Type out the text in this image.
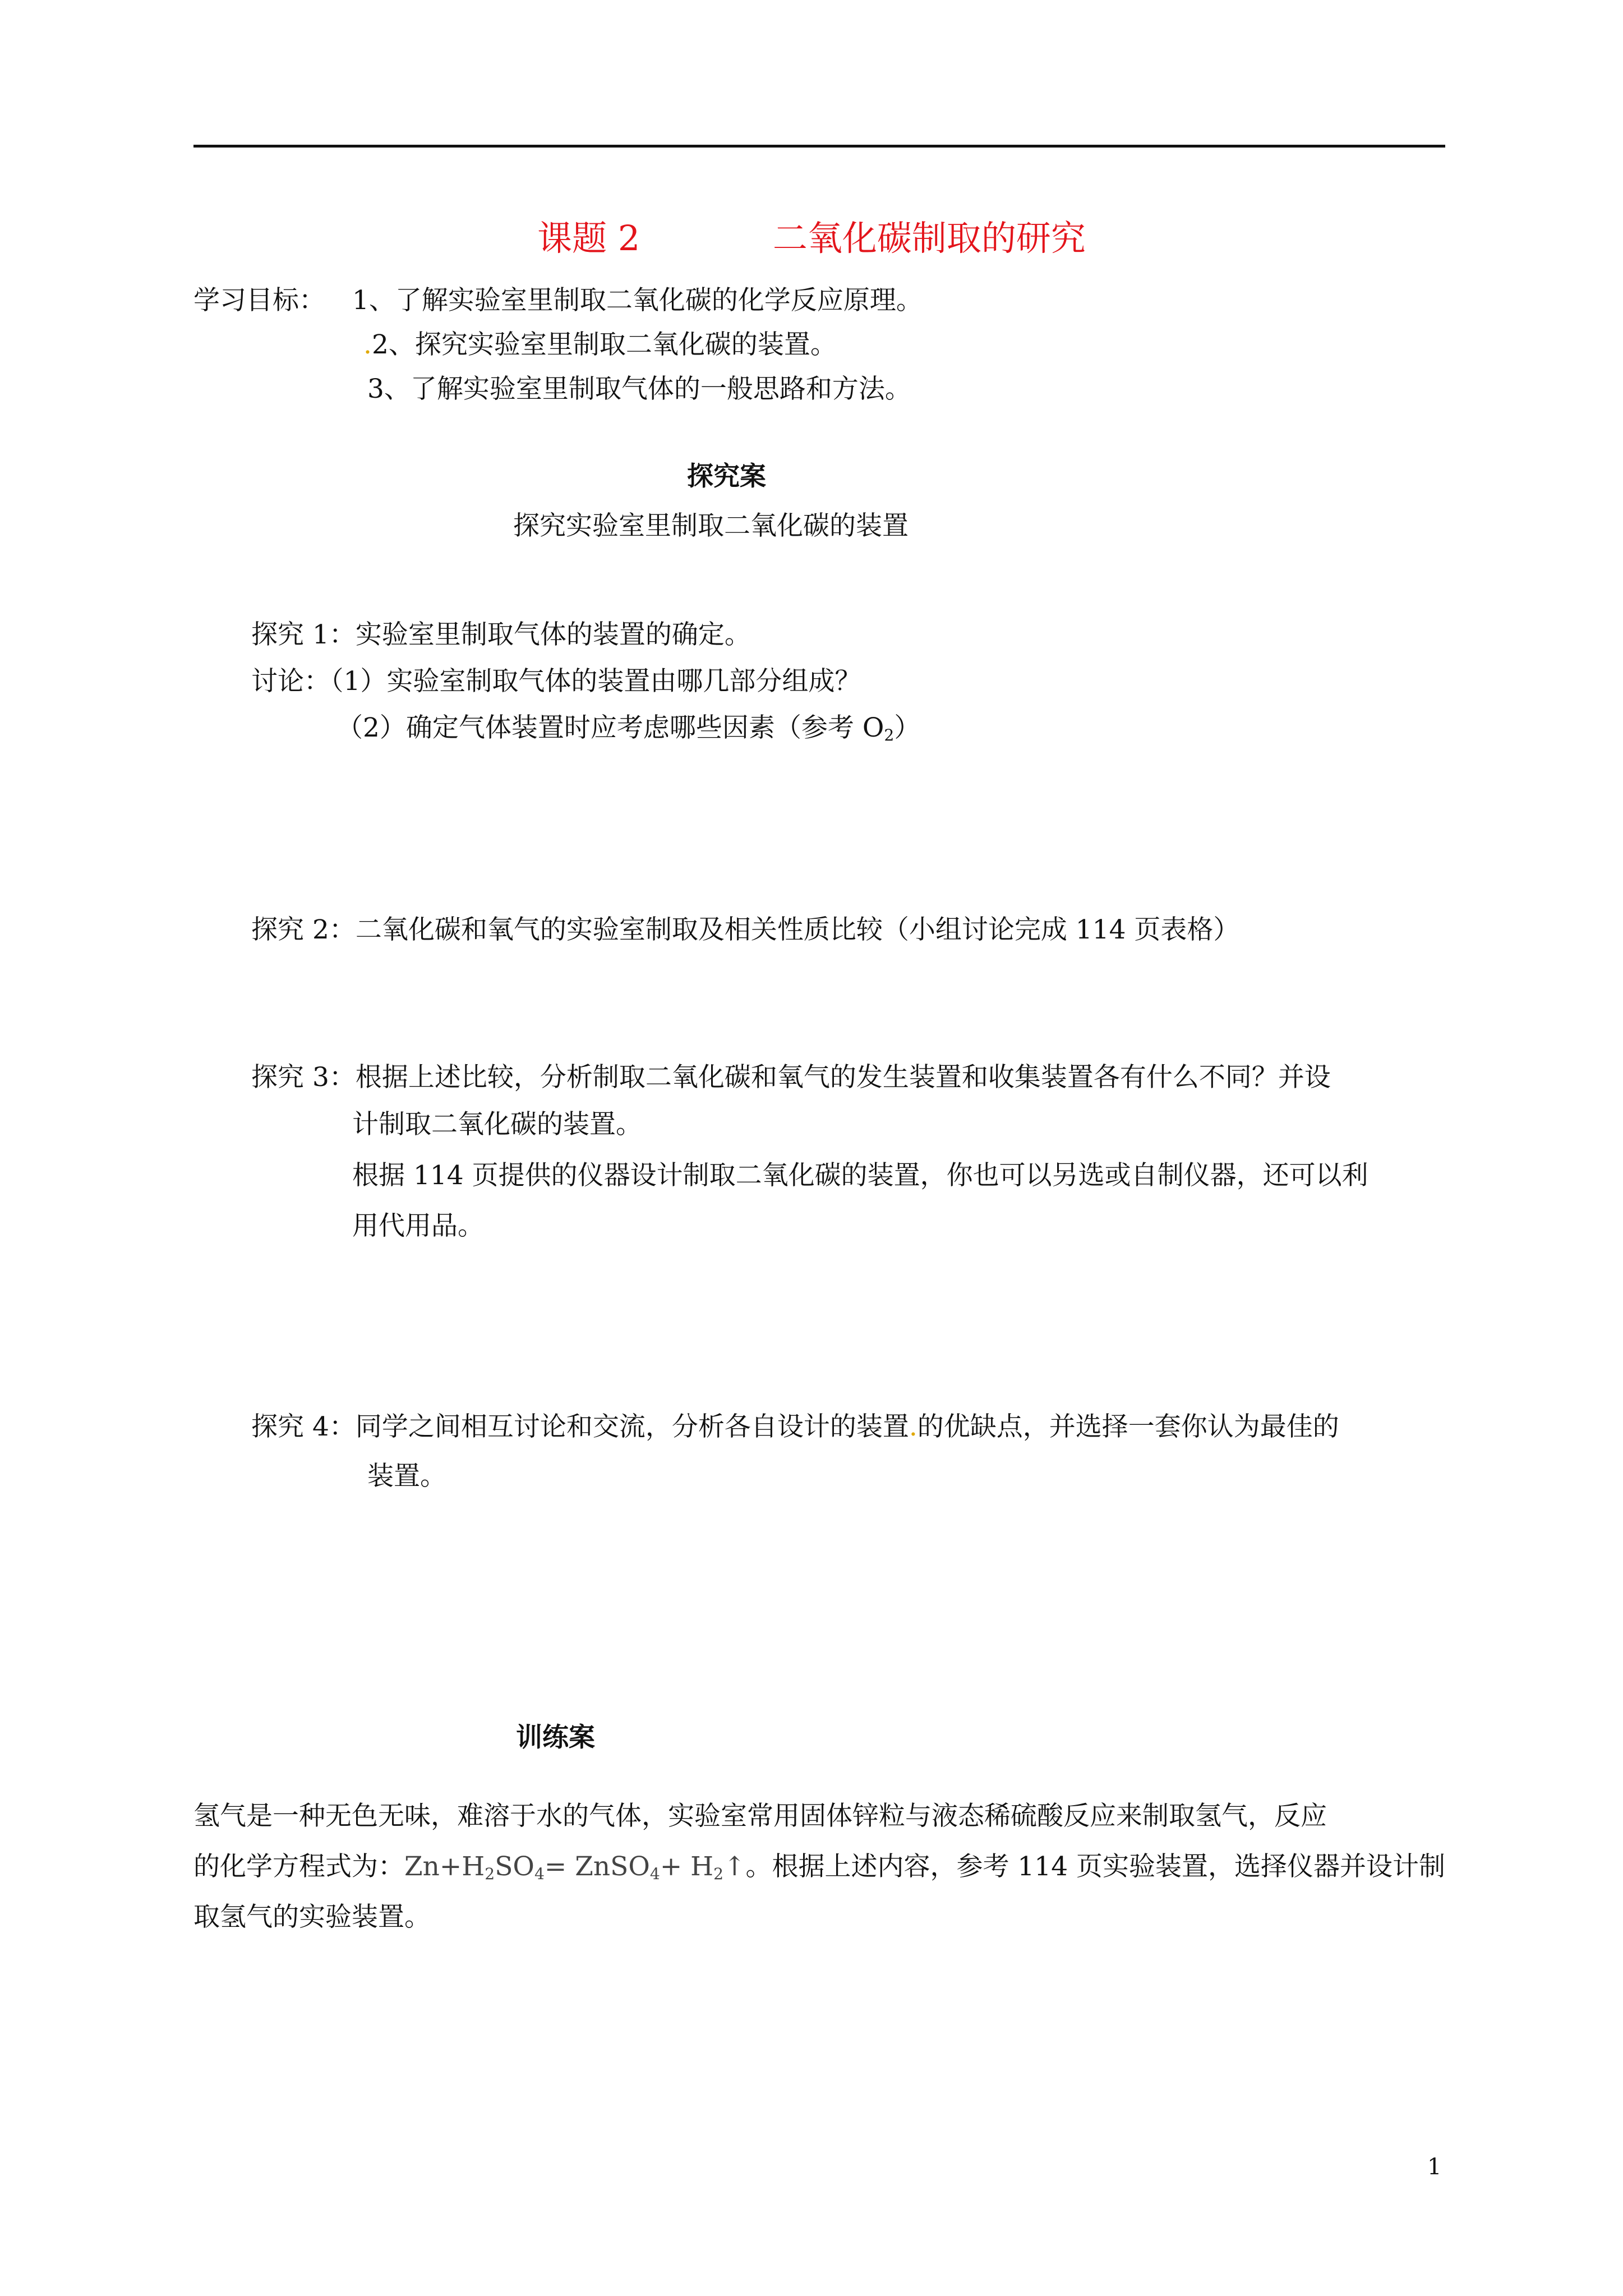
课题 2	二氧化碳制取的研究
学习目标： 1、了解实验室里制取二氧化碳的化学反应原理。
.2、探究实验室里制取二氧化碳的装置。
3、了解实验室里制取气体的一般思路和方法。
探究案
探究实验室里制取二氧化碳的装置
探究 1：实验室里制取气体的装置的确定。
讨论：（1）实验室制取气体的装置由哪几部分组成？
（2）确定气体装置时应考虑哪些因素（参考 $O_2$）
探究 2：二氧化碳和氧气的实验室制取及相关性质比较（小组讨论完成 114 页表格）
探究 3：根据上述比较，分析制取二氧化碳和氧气的发生装置和收集装置各有什么不同？并设
计制取二氧化碳的装置。
根据 114 页提供的仪器设计制取二氧化碳的装置，你也可以另选或自制仪器，还可以利
用代用品。
探究 4：同学之间相互讨论和交流，分析各自设计的装置.的优缺点，并选择一套你认为最佳的
装置。
训练案
氢气是一种无色无味，难溶于水的气体，实验室常用固体锌粒与液态稀硫酸反应来制取氢气，反应
的化学方程式为：$Zn+H_2SO_4=$ ZnSO$_4$+ $H_2↑$。根据上述内容，参考 114 页实验装置，选择仪器并设计制
取氢气的实验装置。
1
